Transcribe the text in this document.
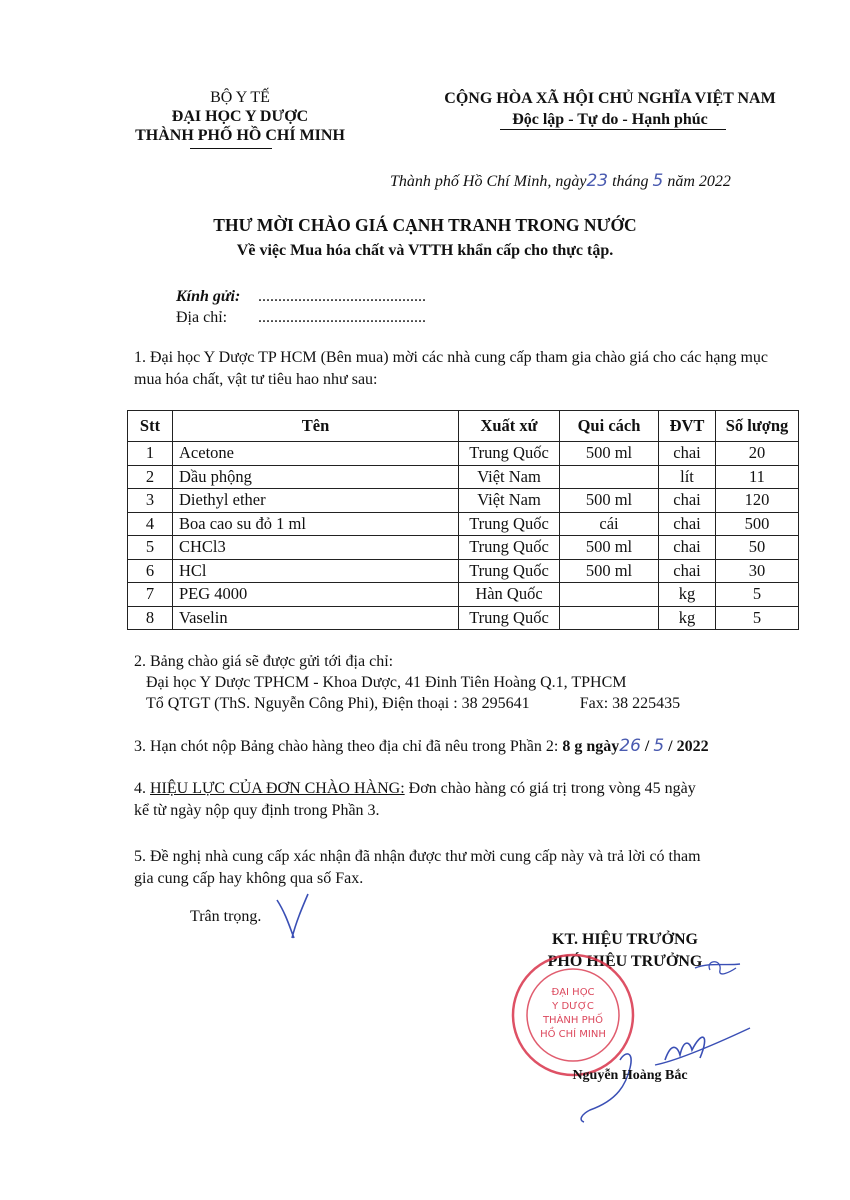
BỘ Y TẾ
ĐẠI HỌC Y DƯỢC
THÀNH PHỐ HỒ CHÍ MINH
CỘNG HÒA XÃ HỘI CHỦ NGHĨA VIỆT NAM
Độc lập - Tự do - Hạnh phúc
Thành phố Hồ Chí Minh, ngày23 tháng 5 năm 2022
THƯ MỜI CHÀO GIÁ CẠNH TRANH TRONG NƯỚC
Về việc Mua hóa chất và VTTH khẩn cấp cho thực tập.
Kính gửi: ..........................................
Địa chỉ: ..........................................
1. Đại học Y Dược TP HCM (Bên mua) mời các nhà cung cấp tham gia chào giá cho các hạng mục mua hóa chất, vật tư tiêu hao như sau:
Stt	Tên	Xuất xứ	Qui cách	ĐVT	Số lượng
1	Acetone	Trung Quốc	500 ml	chai	20
2	Dầu phộng	Việt Nam		lít	11
3	Diethyl ether	Việt Nam	500 ml	chai	120
4	Boa cao su đỏ 1 ml	Trung Quốc	cái	chai	500
5	CHCl3	Trung Quốc	500 ml	chai	50
6	HCl	Trung Quốc	500 ml	chai	30
7	PEG 4000	Hàn Quốc		kg	5
8	Vaselin	Trung Quốc		kg	5
2. Bảng chào giá sẽ được gửi tới địa chỉ:
Đại học Y Dược TPHCM - Khoa Dược, 41 Đinh Tiên Hoàng Q.1, TPHCM
Tổ QTGT (ThS. Nguyễn Công Phi), Điện thoại : 38 295641	Fax: 38 225435
3. Hạn chót nộp Bảng chào hàng theo địa chỉ đã nêu trong Phần 2: 8 g ngày26 / 5 / 2022
4. HIỆU LỰC CỦA ĐƠN CHÀO HÀNG: Đơn chào hàng có giá trị trong vòng 45 ngày
kể từ ngày nộp quy định trong Phần 3.
5. Đề nghị nhà cung cấp xác nhận đã nhận được thư mời cung cấp này và trả lời có tham
gia cung cấp hay không qua số Fax.
Trân trọng.
KT. HIỆU TRƯỞNG
PHÓ HIỆU TRƯỞNG
ĐẠI HỌC
Y DƯỢC
THÀNH PHỐ
HỒ CHÍ MINH
Nguyễn Hoàng Bắc
